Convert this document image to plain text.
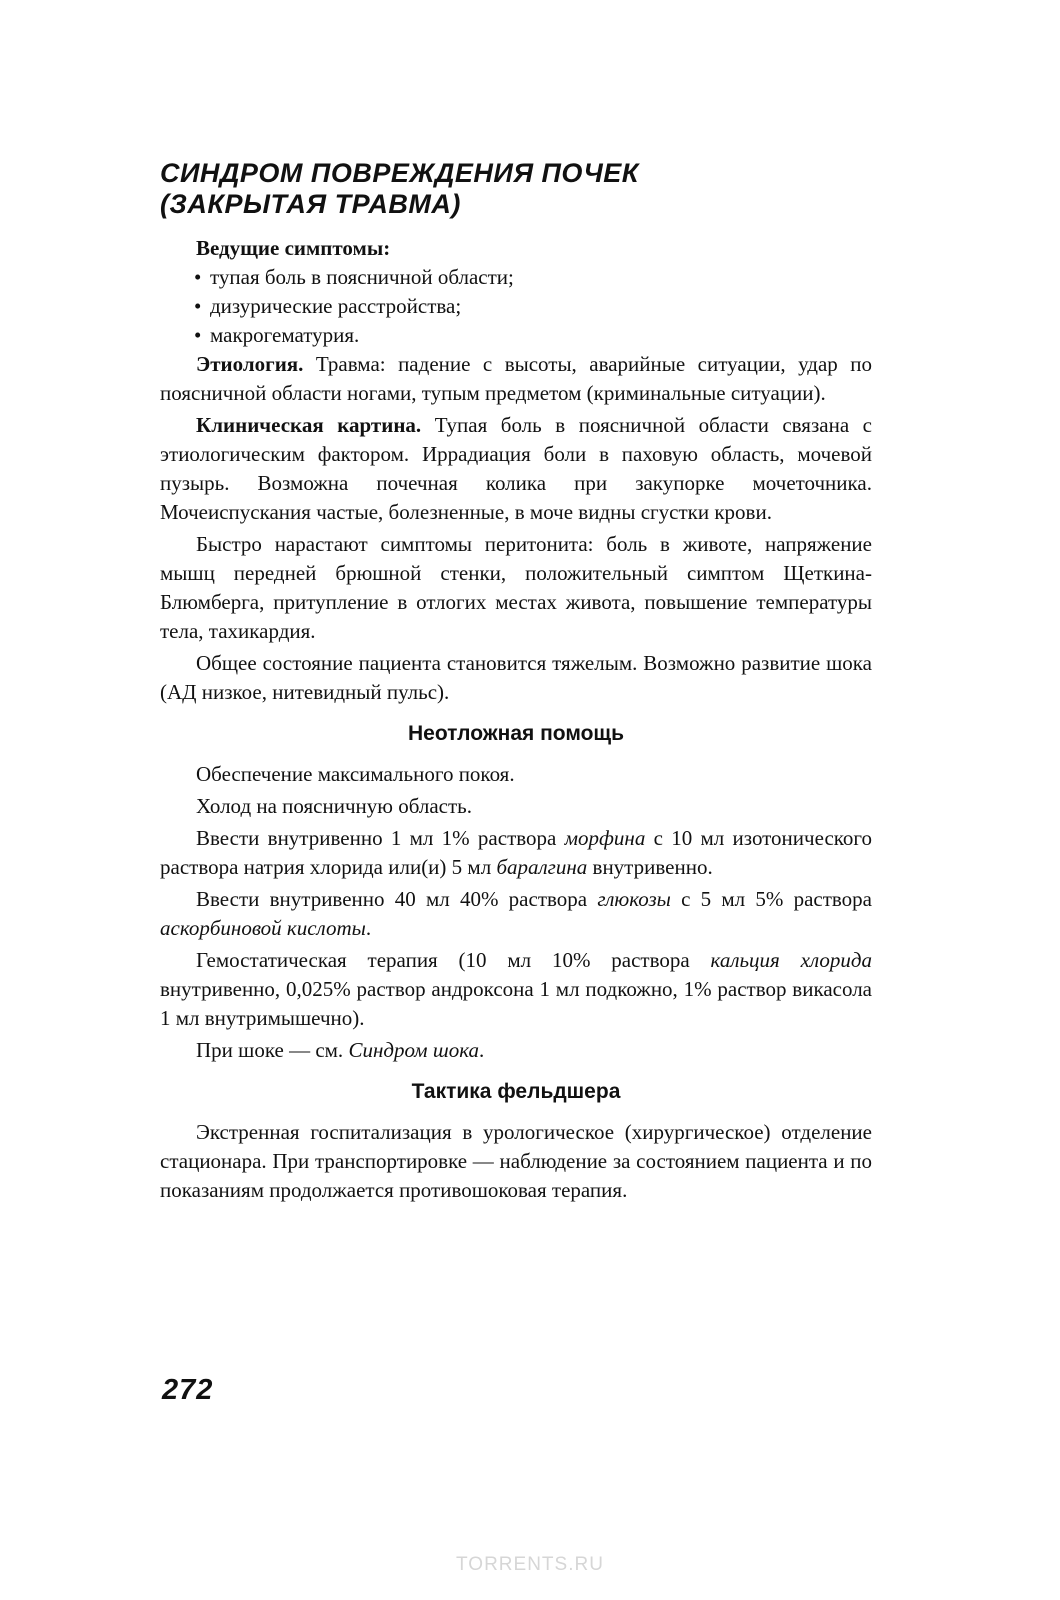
СИНДРОМ ПОВРЕЖДЕНИЯ ПОЧЕК
(ЗАКРЫТАЯ ТРАВМА)
Ведущие симптомы:
• тупая боль в поясничной области;
• дизурические расстройства;
• макрогематурия.

Этиология. Травма: падение с высоты, аварийные ситуации, удар по поясничной области ногами, тупым предметом (криминальные ситуации).

Клиническая картина. Тупая боль в поясничной области связана с этиологическим фактором. Иррадиация боли в паховую область, мочевой пузырь. Возможна почечная колика при закупорке мочеточника. Мочеиспускания частые, болезненные, в моче видны сгустки крови.

Быстро нарастают симптомы перитонита: боль в животе, напряжение мышц передней брюшной стенки, положительный симптом Щеткина-Блюмберга, притупление в отлогих местах живота, повышение температуры тела, тахикардия.

Общее состояние пациента становится тяжелым. Возможно развитие шока (АД низкое, нитевидный пульс).

Неотложная помощь

Обеспечение максимального покоя.

Холод на поясничную область.

Ввести внутривенно 1 мл 1% раствора морфина с 10 мл изотонического раствора натрия хлорида или(и) 5 мл баралгина внутривенно.

Ввести внутривенно 40 мл 40% раствора глюкозы с 5 мл 5% раствора аскорбиновой кислоты.

Гемостатическая терапия (10 мл 10% раствора кальция хлорида внутривенно, 0,025% раствор андроксона 1 мл подкожно, 1% раствор викасола 1 мл внутримышечно).

При шоке — см. Синдром шока.

Тактика фельдшера

Экстренная госпитализация в урологическое (хирургическое) отделение стационара. При транспортировке — наблюдение за состоянием пациента и по показаниям продолжается противошоковая терапия.

272
TORRENTS.RU
